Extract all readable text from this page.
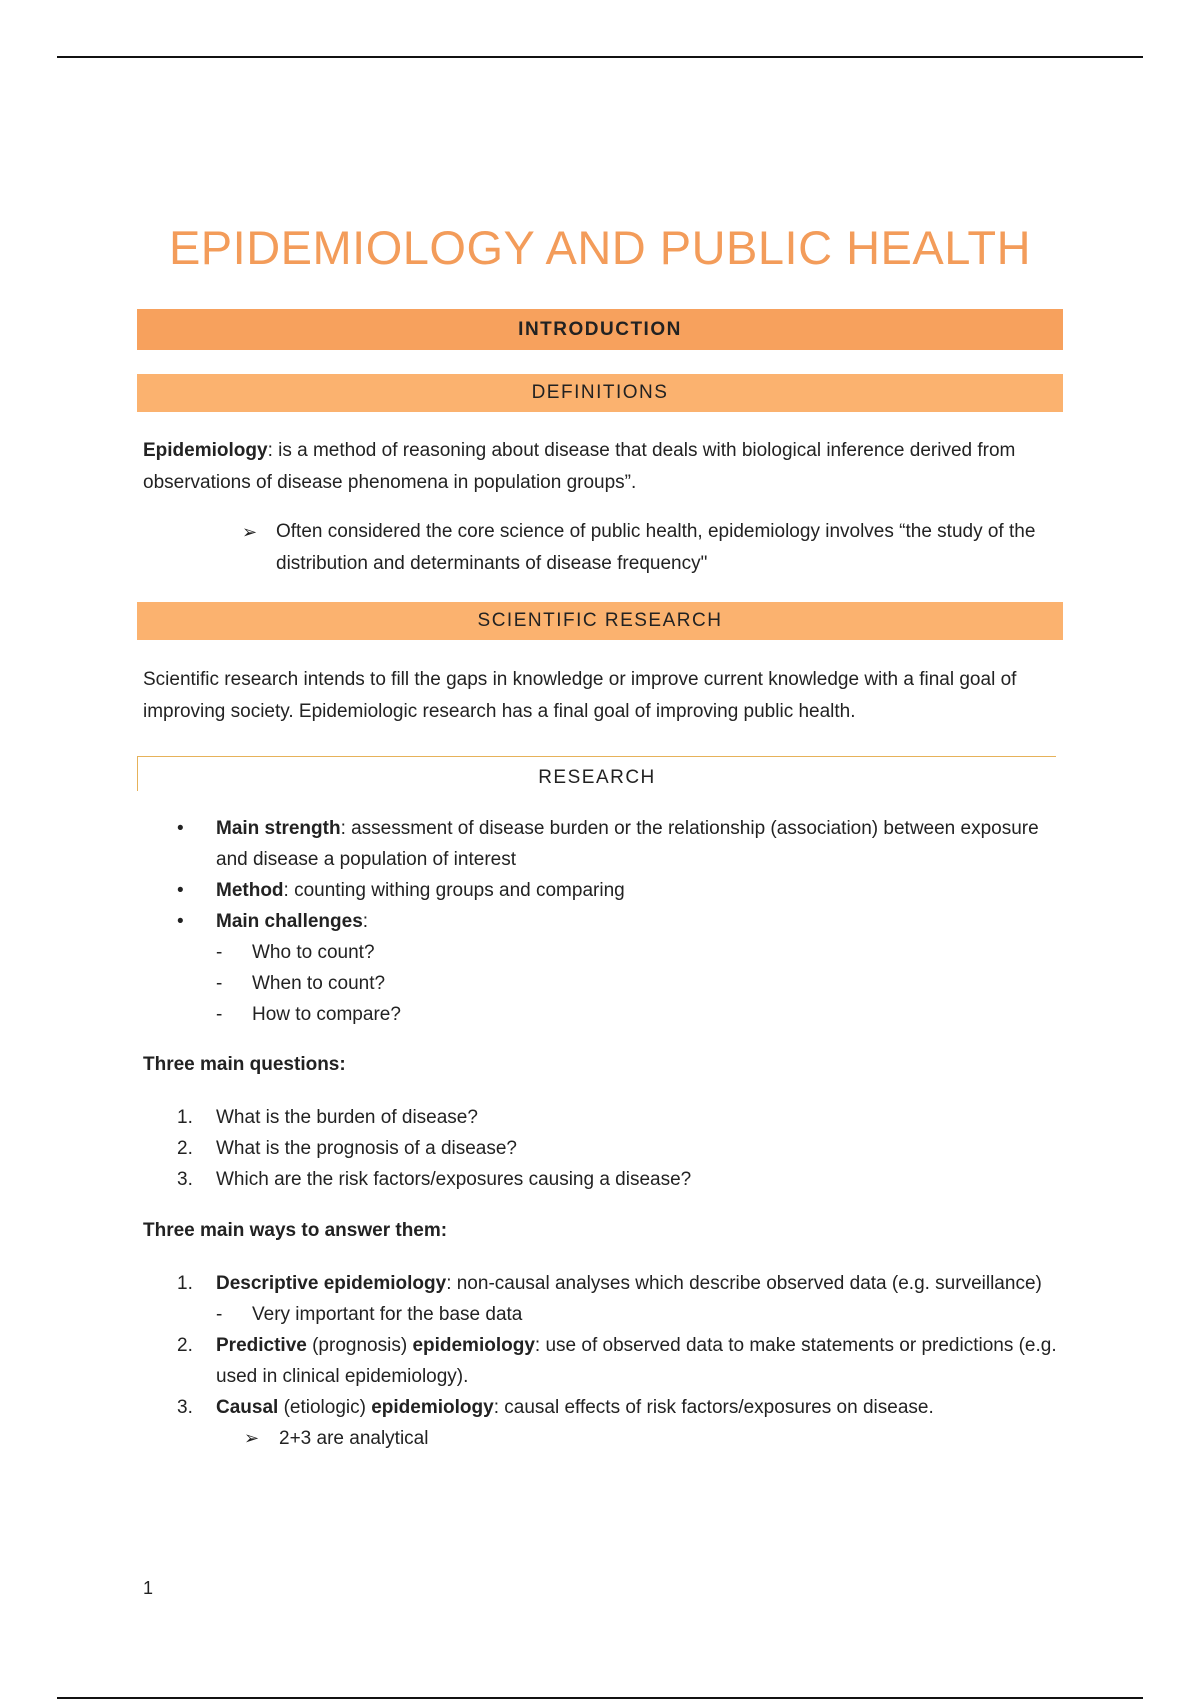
EPIDEMIOLOGY AND PUBLIC HEALTH
INTRODUCTION
DEFINITIONS
Epidemiology: is a method of reasoning about disease that deals with biological inference derived from observations of disease phenomena in population groups”.
➢ Often considered the core science of public health, epidemiology involves “the study of the distribution and determinants of disease frequency"
SCIENTIFIC RESEARCH
Scientific research intends to fill the gaps in knowledge or improve current knowledge with a final goal of improving society. Epidemiologic research has a final goal of improving public health.
RESEARCH
• Main strength: assessment of disease burden or the relationship (association) between exposure and disease a population of interest
• Method: counting withing groups and comparing
• Main challenges:
- Who to count?
- When to count?
- How to compare?
Three main questions:
1. What is the burden of disease?
2. What is the prognosis of a disease?
3. Which are the risk factors/exposures causing a disease?
Three main ways to answer them:
1. Descriptive epidemiology: non-causal analyses which describe observed data (e.g. surveillance)
- Very important for the base data
2. Predictive (prognosis) epidemiology: use of observed data to make statements or predictions (e.g. used in clinical epidemiology).
3. Causal (etiologic) epidemiology: causal effects of risk factors/exposures on disease.
➢ 2+3 are analytical
1
